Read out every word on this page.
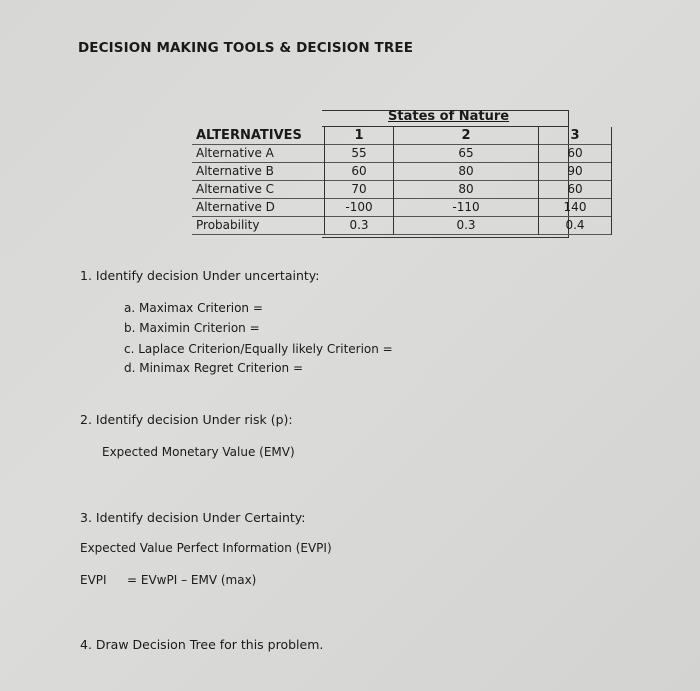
DECISION MAKING TOOLS & DECISION TREE
States of Nature
ALTERNATIVES	1	2	3
Alternative A	55	65	60
Alternative B	60	80	90
Alternative C	70	80	60
Alternative D	-100	-110	140
Probability	0.3	0.3	0.4
1. Identify decision Under uncertainty:
a. Maximax Criterion =
b. Maximin Criterion =
c. Laplace Criterion/Equally likely Criterion =
d. Minimax Regret Criterion =
2. Identify decision Under risk (p):
Expected Monetary Value (EMV)
3. Identify decision Under Certainty:
Expected Value Perfect Information (EVPI)
EVPI = EVwPI – EMV (max)
4. Draw Decision Tree for this problem.
